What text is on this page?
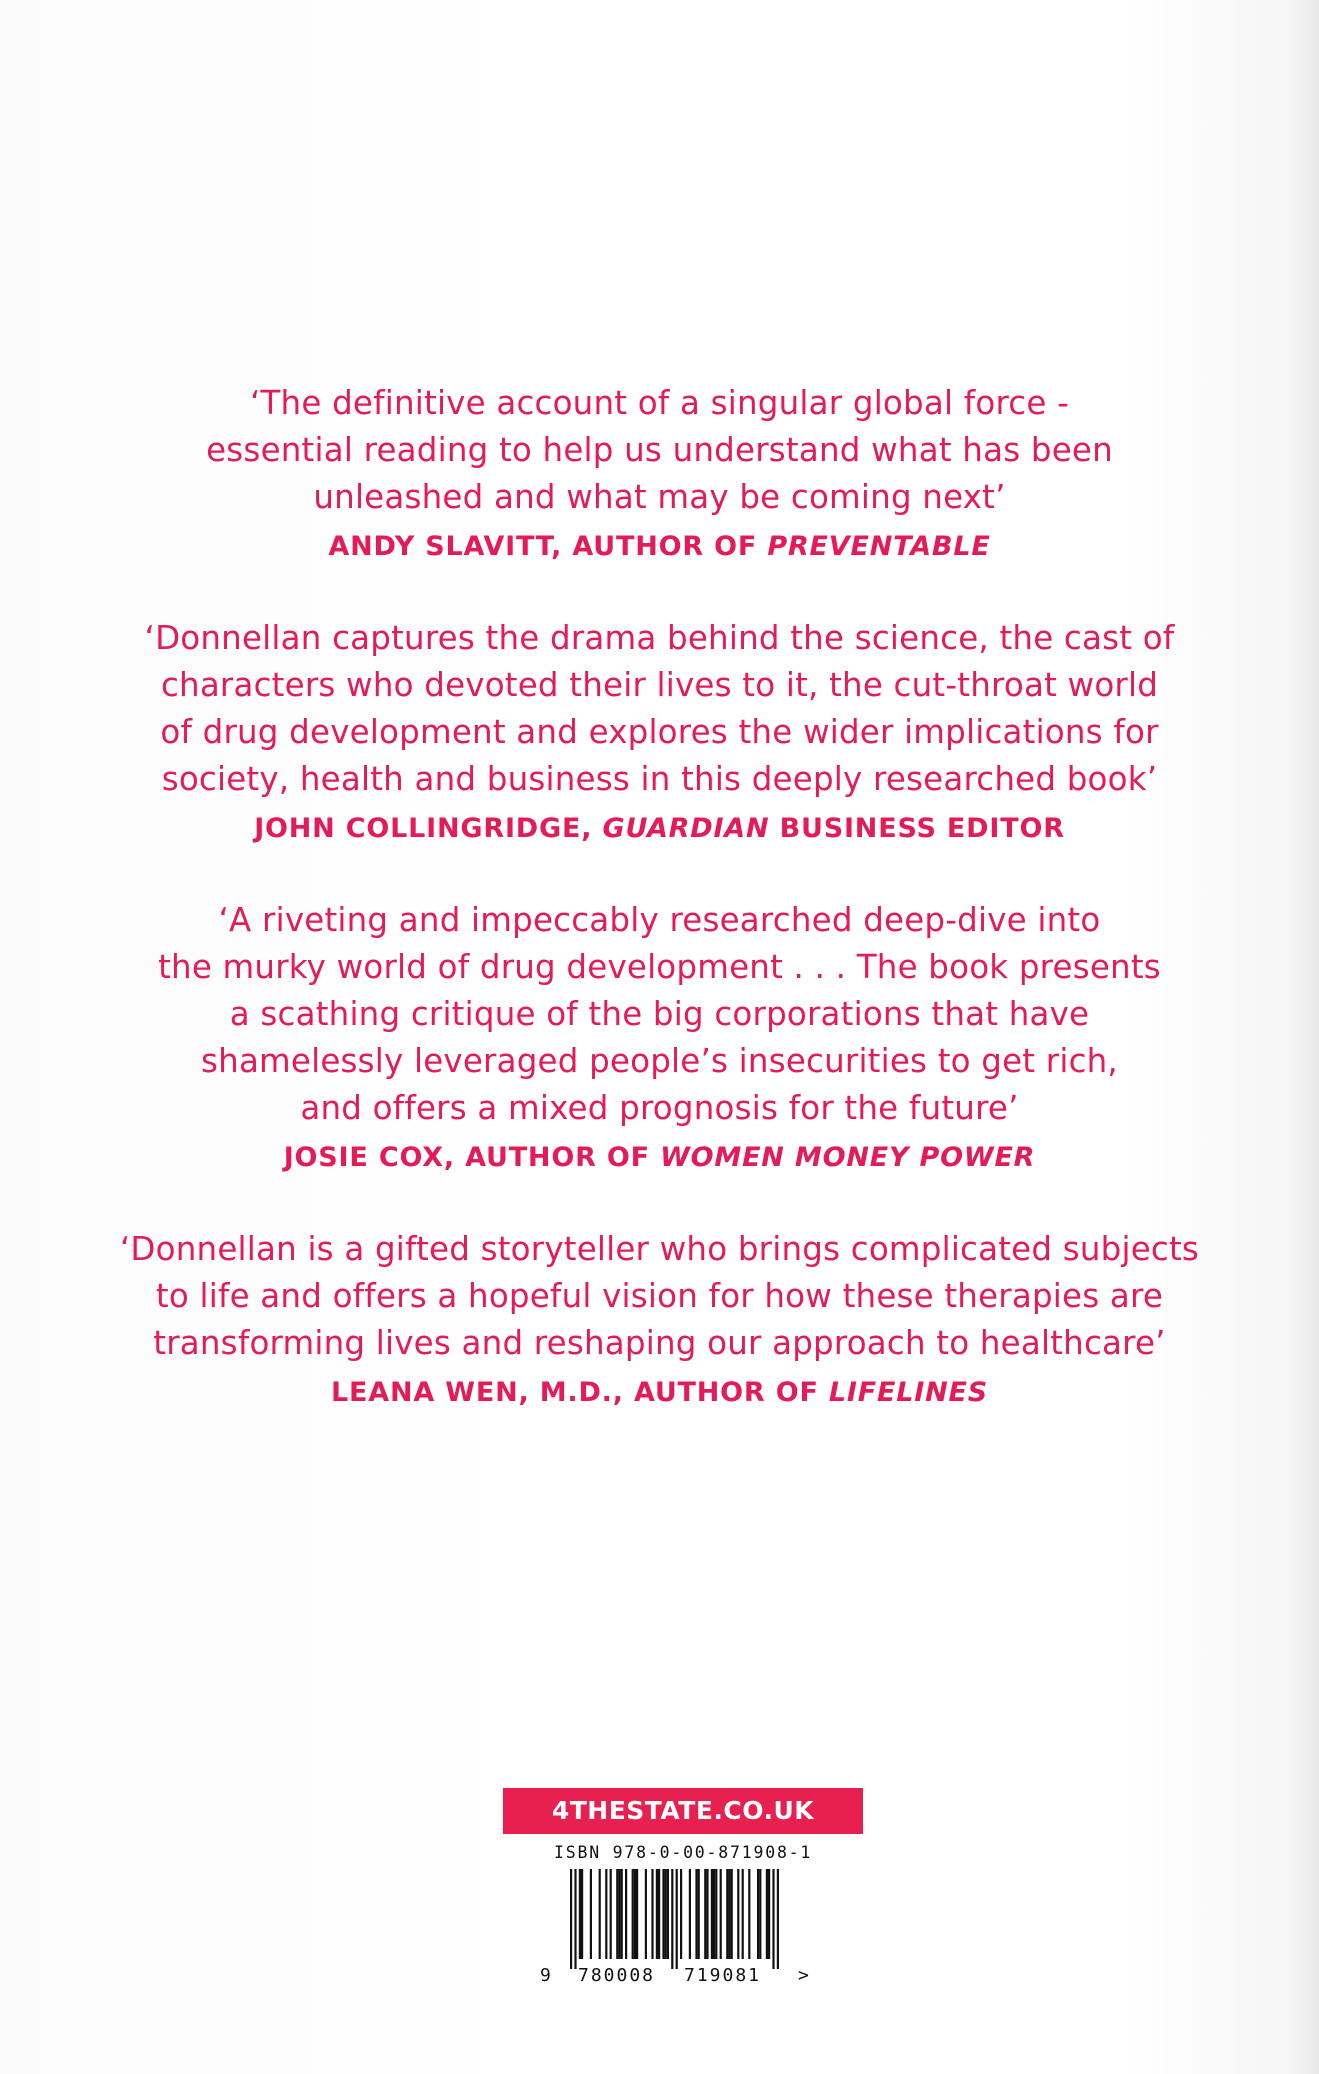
‘The definitive account of a singular global force -
essential reading to help us understand what has been
unleashed and what may be coming next’
ANDY SLAVITT, AUTHOR OF PREVENTABLE
‘Donnellan captures the drama behind the science, the cast of
characters who devoted their lives to it, the cut-throat world
of drug development and explores the wider implications for
society, health and business in this deeply researched book’
JOHN COLLINGRIDGE, GUARDIAN BUSINESS EDITOR
‘A riveting and impeccably researched deep-dive into
the murky world of drug development . . . The book presents
a scathing critique of the big corporations that have
shamelessly leveraged people’s insecurities to get rich,
and offers a mixed prognosis for the future’
JOSIE COX, AUTHOR OF WOMEN MONEY POWER
‘Donnellan is a gifted storyteller who brings complicated subjects
to life and offers a hopeful vision for how these therapies are
transforming lives and reshaping our approach to healthcare’
LEANA WEN, M.D., AUTHOR OF LIFELINES
4THESTATE.CO.UK
ISBN 978-0-00-871908-1
9 780008 719081 >
